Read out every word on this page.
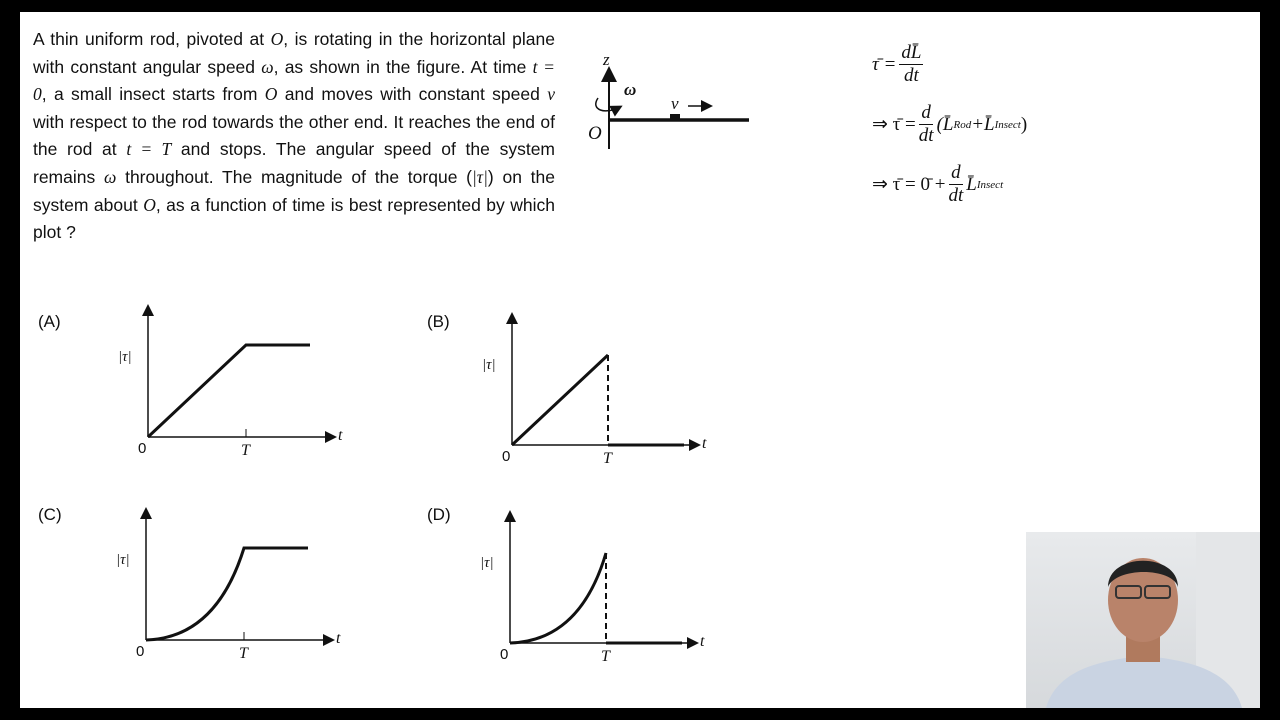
A thin uniform rod, pivoted at O, is rotating in the horizontal plane with constant angular speed ω, as shown in the figure. At time t = 0, a small insect starts from O and moves with constant speed v with respect to the rod towards the other end. It reaches the end of the rod at t = T and stops. The angular speed of the system remains ω throughout. The magnitude of the torque (|τ|) on the system about O, as a function of time is best represented by which plot ?
z
ω
v
O
τ̄ = $\frac{dL̄}{dt}$
⇒ τ̄ = $\frac{d}{dt}$ (L̄ Rod +L̄ Insect )
⇒ τ̄ = 0̄ + $\frac{d}{dt}$ L̄ Insect
(A)
|τ|
0	T
t
(B)
|τ|
0	T
t
(C)
|τ|
0	T
t
(D)
|τ|
0	T
t
